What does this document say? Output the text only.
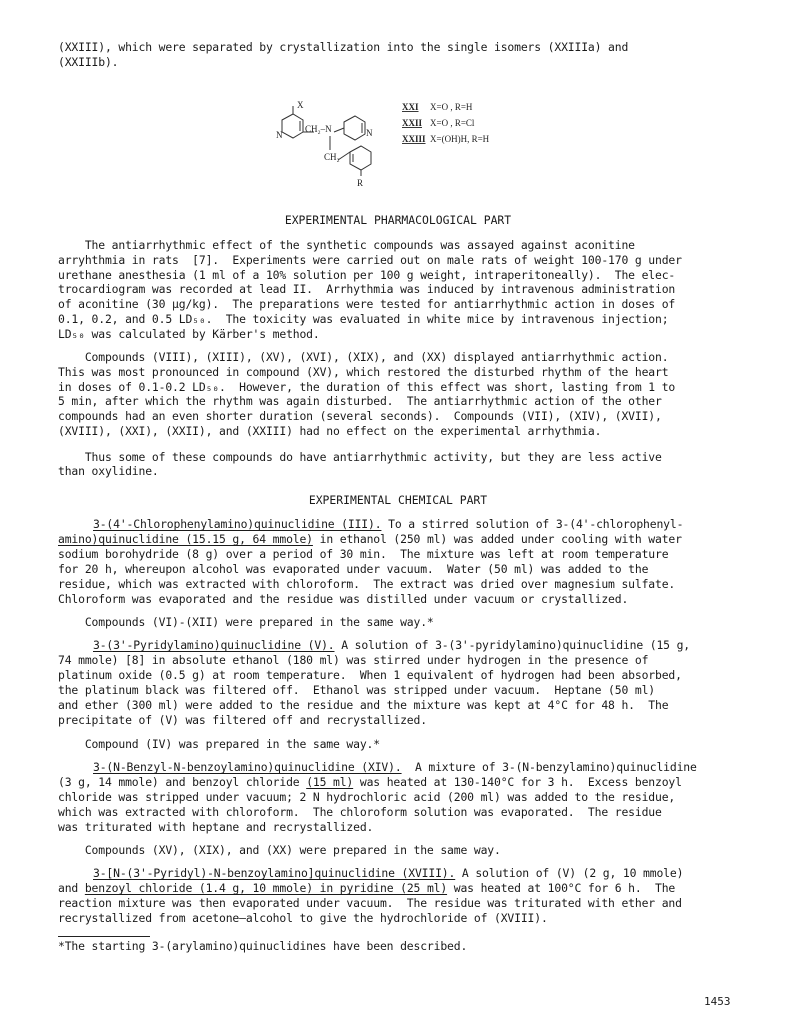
(XXIII), which were separated by crystallization into the single isomers (XXIIIa) and
(XXIIIb).
X
CH₂–N
N	N
CH₂
R
XXI X=O , R=H
XXII X=O , R=Cl
XXIII X=(OH)H, R=H
EXPERIMENTAL PHARMACOLOGICAL PART
The antiarrhythmic effect of the synthetic compounds was assayed against aconitine
arryhthmia in rats  [7].  Experiments were carried out on male rats of weight 100-170 g under
urethane anesthesia (1 ml of a 10% solution per 100 g weight, intraperitoneally).  The elec-
trocardiogram was recorded at lead II.  Arrhythmia was induced by intravenous administration
of aconitine (30 μg/kg).  The preparations were tested for antiarrhythmic action in doses of
0.1, 0.2, and 0.5 LD₅₀.  The toxicity was evaluated in white mice by intravenous injection;
LD₅₀ was calculated by Kärber's method.
Compounds (VIII), (XIII), (XV), (XVI), (XIX), and (XX) displayed antiarrhythmic action.
This was most pronounced in compound (XV), which restored the disturbed rhythm of the heart
in doses of 0.1-0.2 LD₅₀.  However, the duration of this effect was short, lasting from 1 to
5 min, after which the rhythm was again disturbed.  The antiarrhythmic action of the other
compounds had an even shorter duration (several seconds).  Compounds (VII), (XIV), (XVII),
(XVIII), (XXI), (XXII), and (XXIII) had no effect on the experimental arrhythmia.
Thus some of these compounds do have antiarrhythmic activity, but they are less active
than oxylidine.
EXPERIMENTAL CHEMICAL PART
3-(4'-Chlorophenylamino)quinuclidine (III). To a stirred solution of 3-(4'-chlorophenyl-
amino)quinuclidine (15.15 g, 64 mmole) in ethanol (250 ml) was added under cooling with water
sodium borohydride (8 g) over a period of 30 min.  The mixture was left at room temperature
for 20 h, whereupon alcohol was evaporated under vacuum.  Water (50 ml) was added to the
residue, which was extracted with chloroform.  The extract was dried over magnesium sulfate.
Chloroform was evaporated and the residue was distilled under vacuum or crystallized.
Compounds (VI)-(XII) were prepared in the same way.*
3-(3'-Pyridylamino)quinuclidine (V). A solution of 3-(3'-pyridylamino)quinuclidine (15 g,
74 mmole) [8] in absolute ethanol (180 ml) was stirred under hydrogen in the presence of
platinum oxide (0.5 g) at room temperature.  When 1 equivalent of hydrogen had been absorbed,
the platinum black was filtered off.  Ethanol was stripped under vacuum.  Heptane (50 ml)
and ether (300 ml) were added to the residue and the mixture was kept at 4°C for 48 h.  The
precipitate of (V) was filtered off and recrystallized.
Compound (IV) was prepared in the same way.*
3-(N-Benzyl-N-benzoylamino)quinuclidine (XIV).  A mixture of 3-(N-benzylamino)quinuclidine
(3 g, 14 mmole) and benzoyl chloride (15 ml) was heated at 130-140°C for 3 h.  Excess benzoyl
chloride was stripped under vacuum; 2 N hydrochloric acid (200 ml) was added to the residue,
which was extracted with chloroform.  The chloroform solution was evaporated.  The residue
was triturated with heptane and recrystallized.
Compounds (XV), (XIX), and (XX) were prepared in the same way.
3-[N-(3'-Pyridyl)-N-benzoylamino]quinuclidine (XVIII). A solution of (V) (2 g, 10 mmole)
and benzoyl chloride (1.4 g, 10 mmole) in pyridine (25 ml) was heated at 100°C for 6 h.  The
reaction mixture was then evaporated under vacuum.  The residue was triturated with ether and
recrystallized from acetone—alcohol to give the hydrochloride of (XVIII).
*The starting 3-(arylamino)quinuclidines have been described.
1453
